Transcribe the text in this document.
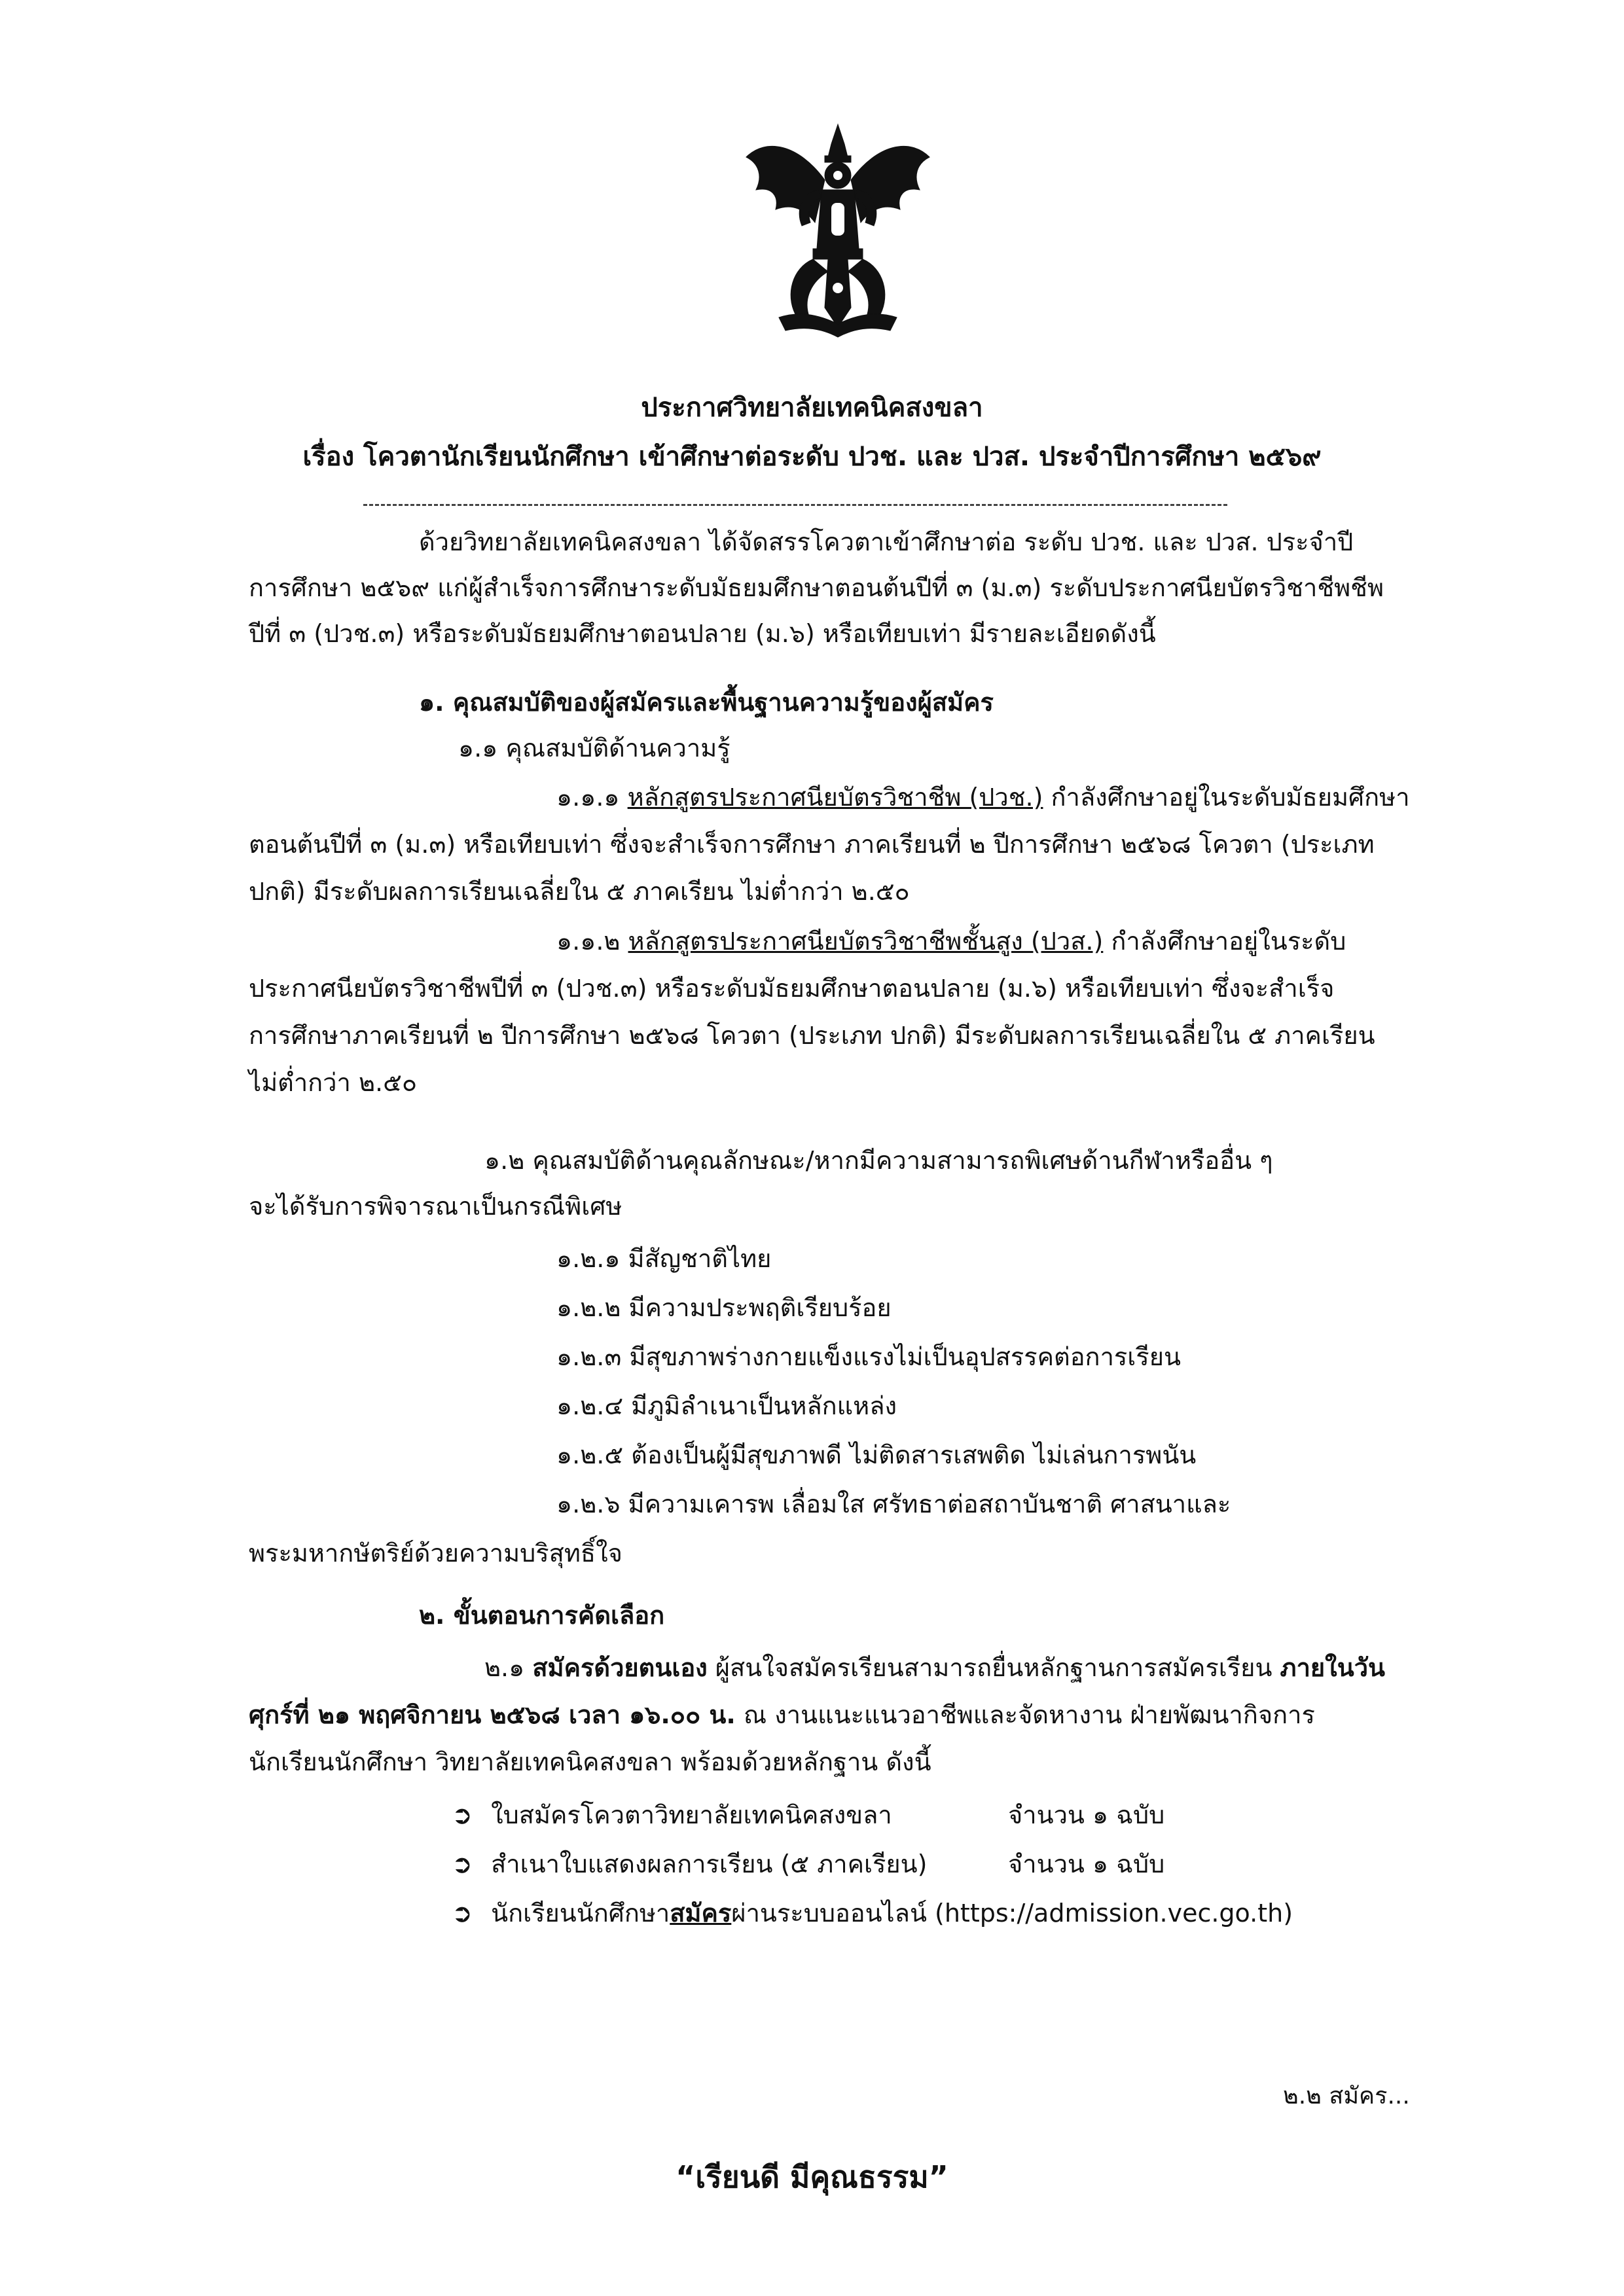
ประกาศวิทยาลัยเทคนิคสงขลา
เรื่อง โควตานักเรียนนักศึกษา เข้าศึกษาต่อระดับ ปวช. และ ปวส. ประจำปีการศึกษา ๒๕๖๙
ด้วยวิทยาลัยเทคนิคสงขลา ได้จัดสรรโควตาเข้าศึกษาต่อ ระดับ ปวช. และ ปวส. ประจำปี
การศึกษา ๒๕๖๙ แก่ผู้สำเร็จการศึกษาระดับมัธยมศึกษาตอนต้นปีที่ ๓ (ม.๓) ระดับประกาศนียบัตรวิชาชีพชีพ
ปีที่ ๓ (ปวช.๓) หรือระดับมัธยมศึกษาตอนปลาย (ม.๖) หรือเทียบเท่า มีรายละเอียดดังนี้
๑. คุณสมบัติของผู้สมัครและพื้นฐานความรู้ของผู้สมัคร
๑.๑ คุณสมบัติด้านความรู้
๑.๑.๑ หลักสูตรประกาศนียบัตรวิชาชีพ (ปวช.) กำลังศึกษาอยู่ในระดับมัธยมศึกษา
ตอนต้นปีที่ ๓ (ม.๓) หรือเทียบเท่า ซึ่งจะสำเร็จการศึกษา ภาคเรียนที่ ๒ ปีการศึกษา ๒๕๖๘ โควตา (ประเภท
ปกติ) มีระดับผลการเรียนเฉลี่ยใน ๕ ภาคเรียน ไม่ต่ำกว่า ๒.๕๐
๑.๑.๒ หลักสูตรประกาศนียบัตรวิชาชีพชั้นสูง (ปวส.) กำลังศึกษาอยู่ในระดับ
ประกาศนียบัตรวิชาชีพปีที่ ๓ (ปวช.๓) หรือระดับมัธยมศึกษาตอนปลาย (ม.๖) หรือเทียบเท่า ซึ่งจะสำเร็จ
การศึกษาภาคเรียนที่ ๒ ปีการศึกษา ๒๕๖๘ โควตา (ประเภท ปกติ) มีระดับผลการเรียนเฉลี่ยใน ๕ ภาคเรียน
ไม่ต่ำกว่า ๒.๕๐
๑.๒ คุณสมบัติด้านคุณลักษณะ/หากมีความสามารถพิเศษด้านกีฬาหรืออื่น ๆ
จะได้รับการพิจารณาเป็นกรณีพิเศษ
๑.๒.๑ มีสัญชาติไทย
๑.๒.๒ มีความประพฤติเรียบร้อย
๑.๒.๓ มีสุขภาพร่างกายแข็งแรงไม่เป็นอุปสรรคต่อการเรียน
๑.๒.๔ มีภูมิลำเนาเป็นหลักแหล่ง
๑.๒.๕ ต้องเป็นผู้มีสุขภาพดี ไม่ติดสารเสพติด ไม่เล่นการพนัน
๑.๒.๖ มีความเคารพ เลื่อมใส ศรัทธาต่อสถาบันชาติ ศาสนาและ
พระมหากษัตริย์ด้วยความบริสุทธิ์ใจ
๒. ขั้นตอนการคัดเลือก
๒.๑ สมัครด้วยตนเอง ผู้สนใจสมัครเรียนสามารถยื่นหลักฐานการสมัครเรียน ภายในวัน
ศุกร์ที่ ๒๑ พฤศจิกายน ๒๕๖๘ เวลา ๑๖.๐๐ น. ณ งานแนะแนวอาชีพและจัดหางาน ฝ่ายพัฒนากิจการ
นักเรียนนักศึกษา วิทยาลัยเทคนิคสงขลา พร้อมด้วยหลักฐาน ดังนี้
➲ ใบสมัครโควตาวิทยาลัยเทคนิคสงขลา	จำนวน ๑ ฉบับ
➲ สำเนาใบแสดงผลการเรียน (๕ ภาคเรียน)	จำนวน ๑ ฉบับ
➲ นักเรียนนักศึกษาสมัครผ่านระบบออนไลน์ (https://admission.vec.go.th)
๒.๒ สมัคร...
“เรียนดี มีคุณธรรม”
